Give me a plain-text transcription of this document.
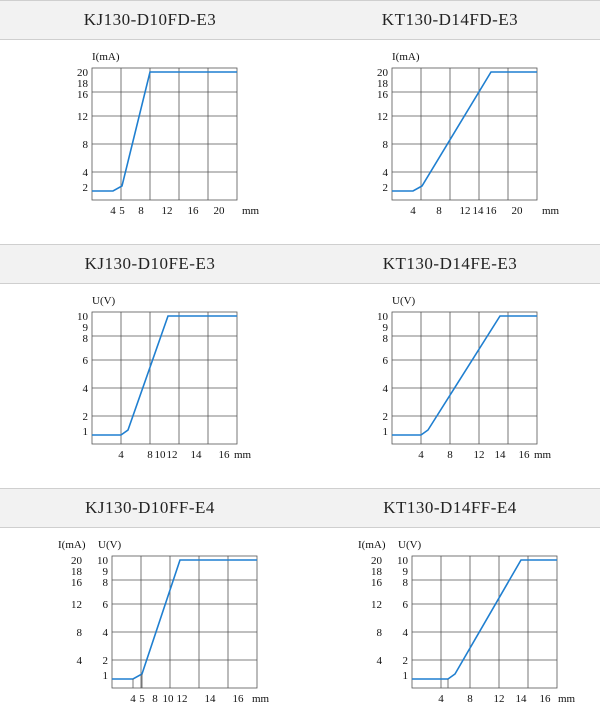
KJ130-D10FD-E3	KT130-D14FD-E3
20
18
16
12
8
4
2
I(mA)
4 5 8 12 16 20 mm
20
18
16
12
8
4
2
I(mA)
4 8 12 14 16 20 mm
KJ130-D10FE-E3	KT130-D14FE-E3
10
9
8
6
4
2
1
U(V)
4 8 10 12 14 16 mm
10
9
8
6
4
2
1
U(V)
4 8 12 14 16 mm
KJ130-D10FF-E4	KT130-D14FF-E4
20
18
16
12
8
4
10
9
8
6
4
2
1
I(mA) U(V)
4 5 8 10 12 14 16 mm
20
18
16
12
8
4
10
9
8
6
4
2
1
I(mA) U(V)
4 8 12 14 16 mm
